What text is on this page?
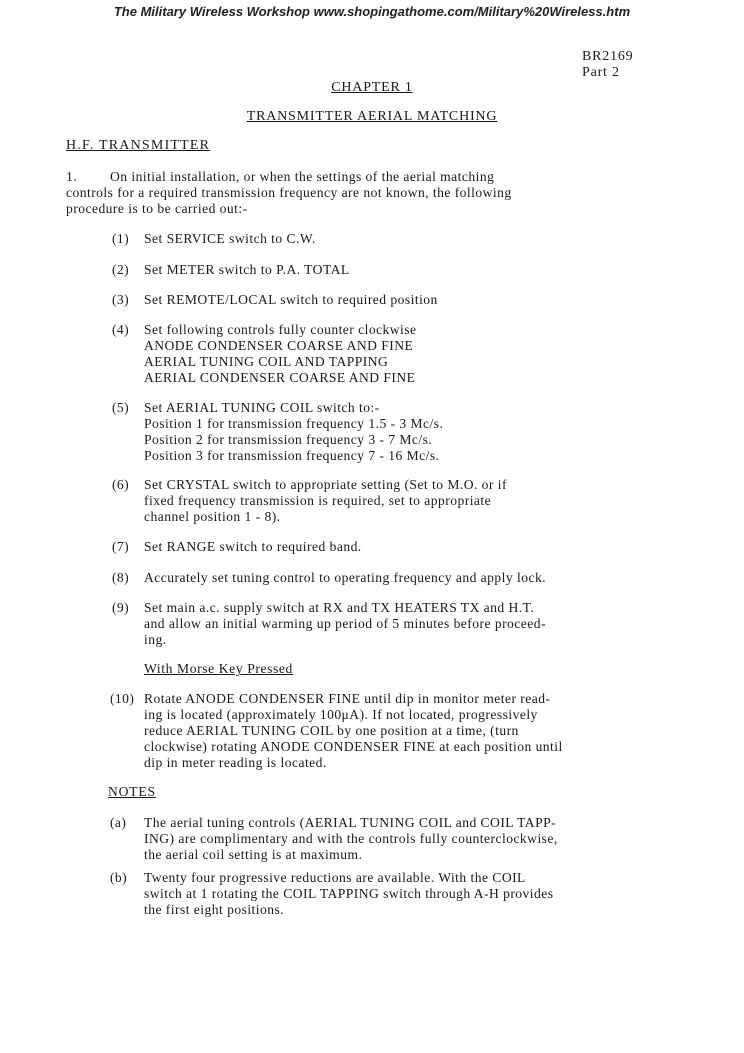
The Military Wireless Workshop www.shopingathome.com/Military%20Wireless.htm
BR2169
Part 2
CHAPTER 1
TRANSMITTER AERIAL MATCHING
H.F. TRANSMITTER
1. On initial installation, or when the settings of the aerial matching
controls for a required transmission frequency are not known, the following
procedure is to be carried out:-
(1) Set SERVICE switch to C.W.
(2) Set METER switch to P.A. TOTAL
(3) Set REMOTE/LOCAL switch to required position
(4) Set following controls fully counter clockwise
ANODE CONDENSER COARSE AND FINE
AERIAL TUNING COIL AND TAPPING
AERIAL CONDENSER COARSE AND FINE
(5) Set AERIAL TUNING COIL switch to:-
Position 1 for transmission frequency 1.5 - 3 Mc/s.
Position 2 for transmission frequency 3 - 7 Mc/s.
Position 3 for transmission frequency 7 - 16 Mc/s.
(6) Set CRYSTAL switch to appropriate setting (Set to M.O. or if
fixed frequency transmission is required, set to appropriate
channel position 1 - 8).
(7) Set RANGE switch to required band.
(8) Accurately set tuning control to operating frequency and apply lock.
(9) Set main a.c. supply switch at RX and TX HEATERS TX and H.T.
and allow an initial warming up period of 5 minutes before proceed-
ing.
With Morse Key Pressed
(10) Rotate ANODE CONDENSER FINE until dip in monitor meter read-
ing is located (approximately 100μA). If not located, progressively
reduce AERIAL TUNING COIL by one position at a time, (turn
clockwise) rotating ANODE CONDENSER FINE at each position until
dip in meter reading is located.
NOTES
(a) The aerial tuning controls (AERIAL TUNING COIL and COIL TAPP-
ING) are complimentary and with the controls fully counterclockwise,
the aerial coil setting is at maximum.
(b) Twenty four progressive reductions are available. With the COIL
switch at 1 rotating the COIL TAPPING switch through A-H provides
the first eight positions.
